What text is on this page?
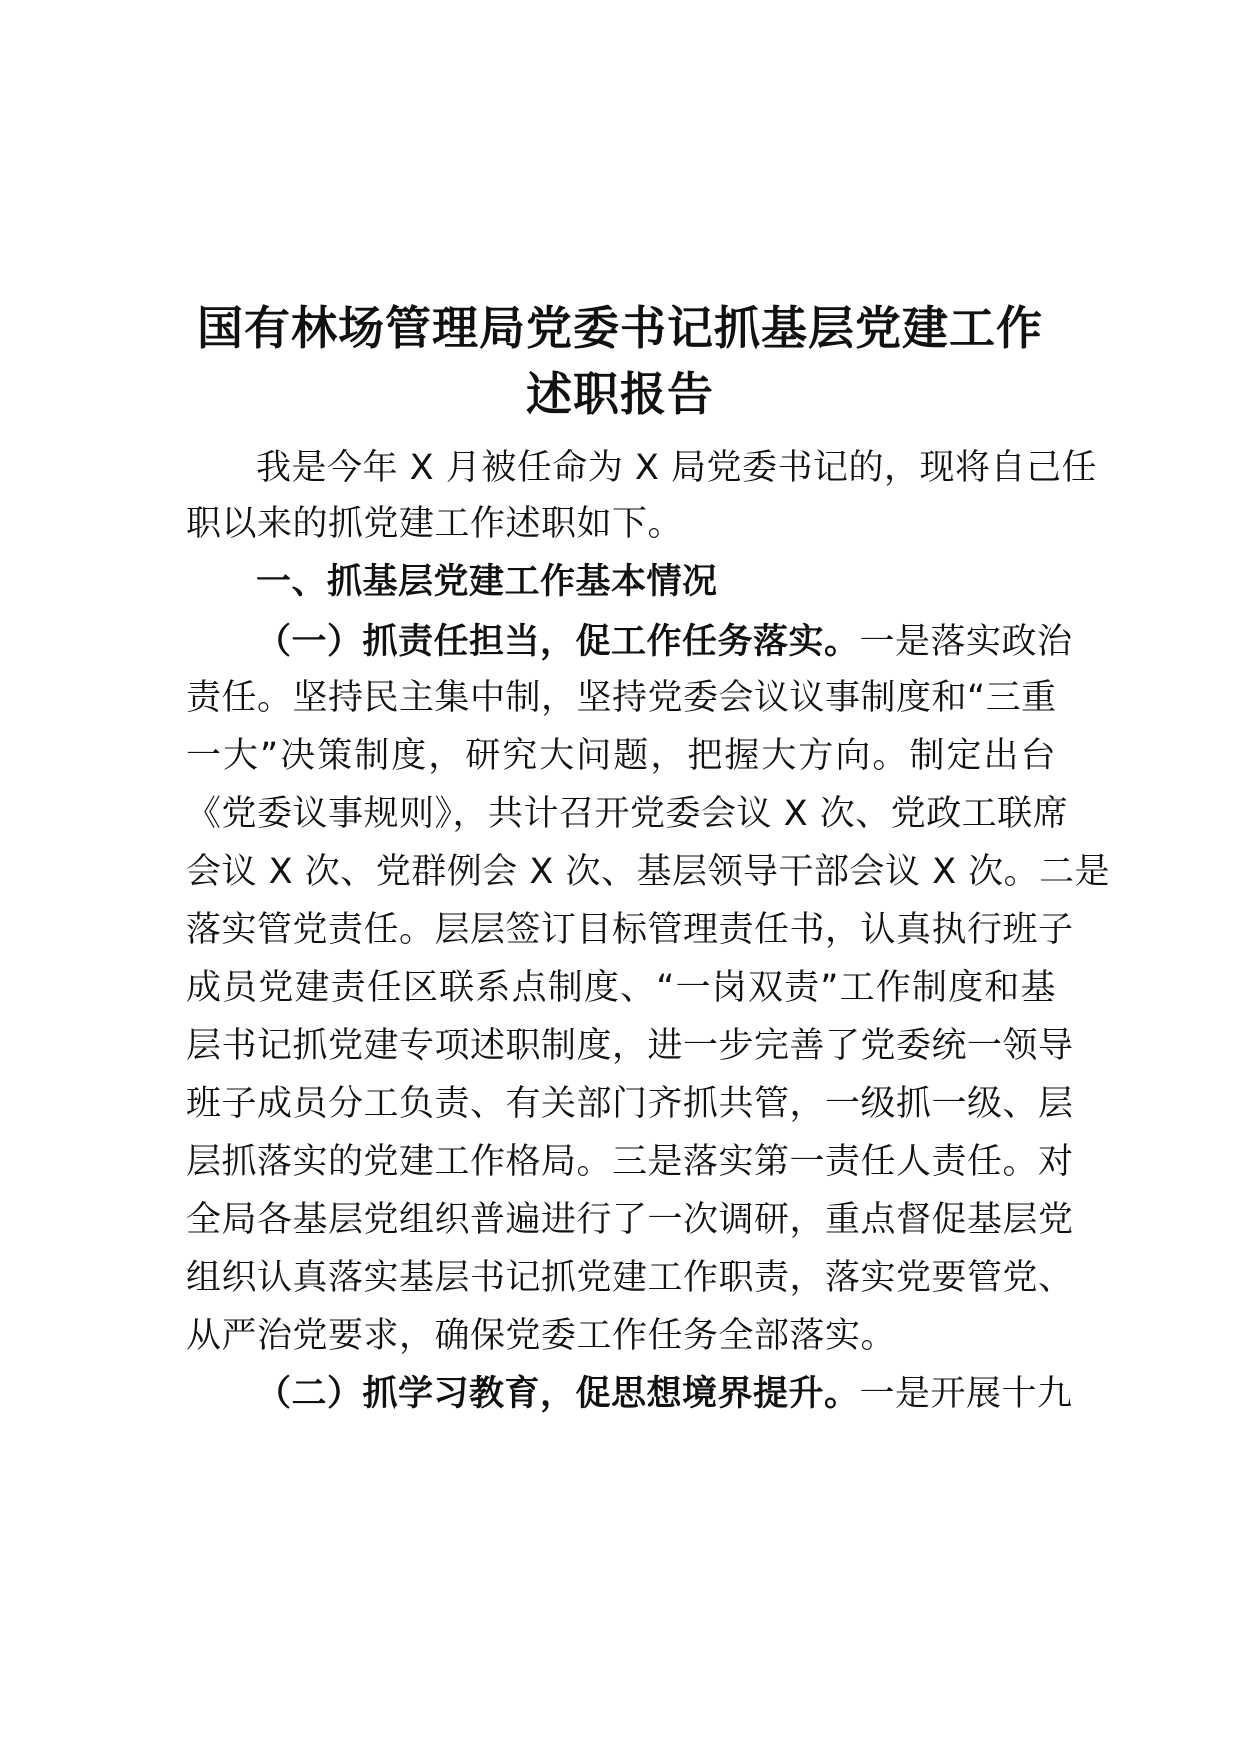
国有林场管理局党委书记抓基层党建工作
述职报告
我是今年 X 月被任命为 X 局党委书记的，现将自己任
职以来的抓党建工作述职如下。
一、抓基层党建工作基本情况
（一）抓责任担当，促工作任务落实。一是落实政治
责任。坚持民主集中制，坚持党委会议议事制度和“三重
一大”决策制度，研究大问题，把握大方向。制定出台
《党委议事规则》，共计召开党委会议 X 次、党政工联席
会议 X 次、党群例会 X 次、基层领导干部会议 X 次。二是
落实管党责任。层层签订目标管理责任书，认真执行班子
成员党建责任区联系点制度、“一岗双责”工作制度和基
层书记抓党建专项述职制度，进一步完善了党委统一领导
班子成员分工负责、有关部门齐抓共管，一级抓一级、层
层抓落实的党建工作格局。三是落实第一责任人责任。对
全局各基层党组织普遍进行了一次调研，重点督促基层党
组织认真落实基层书记抓党建工作职责，落实党要管党、
从严治党要求，确保党委工作任务全部落实。
（二）抓学习教育，促思想境界提升。一是开展十九
